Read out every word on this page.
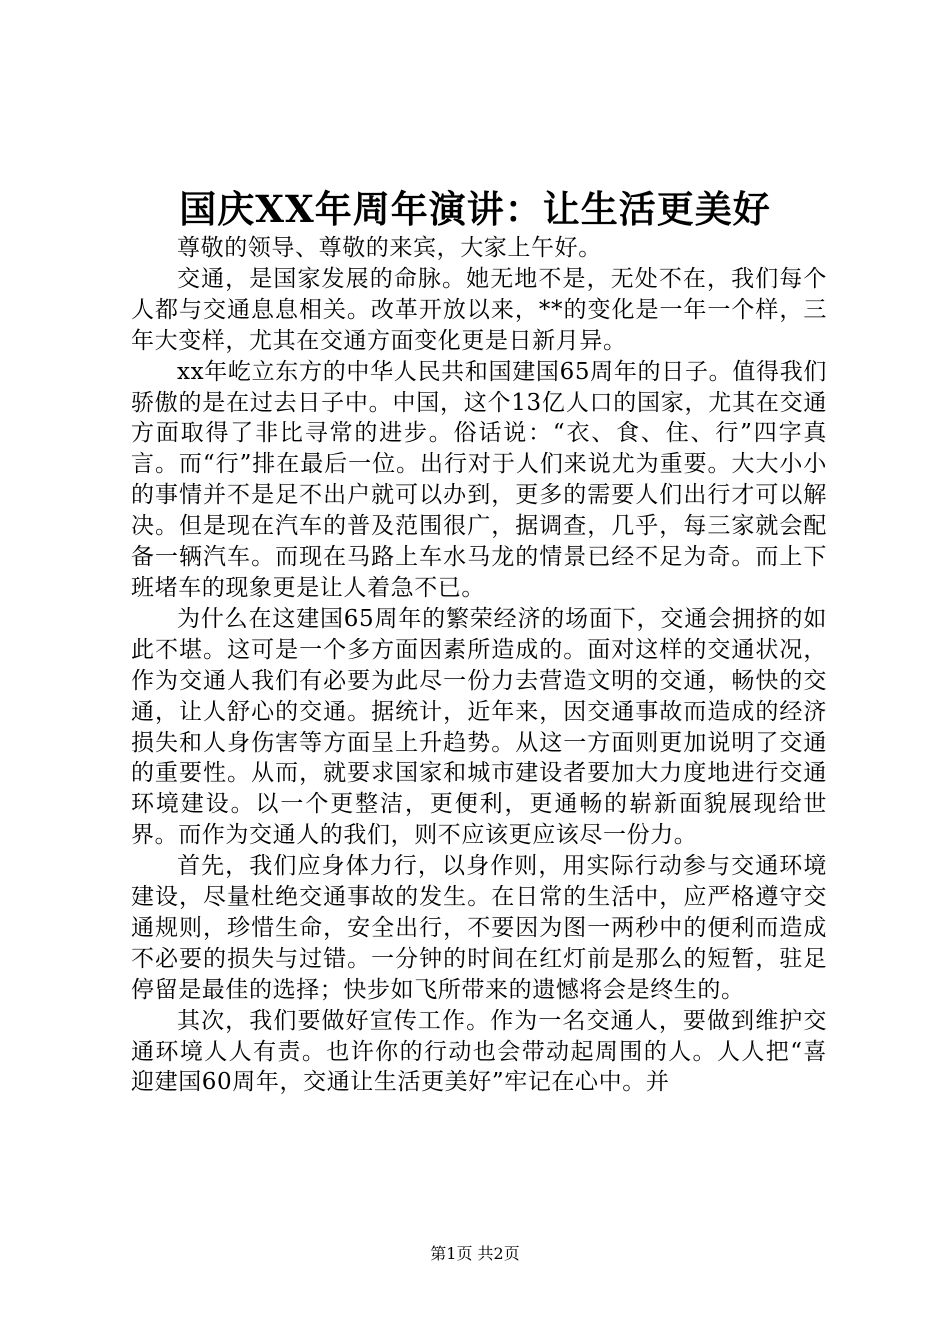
国庆XX年周年演讲：让生活更美好

尊敬的领导、尊敬的来宾，大家上午好。

交通，是国家发展的命脉。她无地不是，无处不在，我们每个人都与交通息息相关。改革开放以来，**的变化是一年一个样，三年大变样，尤其在交通方面变化更是日新月异。

xx年屹立东方的中华人民共和国建国65周年的日子。值得我们骄傲的是在过去日子中。中国，这个13亿人口的国家，尤其在交通方面取得了非比寻常的进步。俗话说：“衣、食、住、行”四字真言。而“行”排在最后一位。出行对于人们来说尤为重要。大大小小的事情并不是足不出户就可以办到，更多的需要人们出行才可以解决。但是现在汽车的普及范围很广，据调查，几乎，每三家就会配备一辆汽车。而现在马路上车水马龙的情景已经不足为奇。而上下班堵车的现象更是让人着急不已。

为什么在这建国65周年的繁荣经济的场面下，交通会拥挤的如此不堪。这可是一个多方面因素所造成的。面对这样的交通状况，作为交通人我们有必要为此尽一份力去营造文明的交通，畅快的交通，让人舒心的交通。据统计，近年来，因交通事故而造成的经济损失和人身伤害等方面呈上升趋势。从这一方面则更加说明了交通的重要性。从而，就要求国家和城市建设者要加大力度地进行交通环境建设。以一个更整洁，更便利，更通畅的崭新面貌展现给世界。而作为交通人的我们，则不应该更应该尽一份力。

首先，我们应身体力行，以身作则，用实际行动参与交通环境建设，尽量杜绝交通事故的发生。在日常的生活中，应严格遵守交通规则，珍惜生命，安全出行，不要因为图一两秒中的便利而造成不必要的损失与过错。一分钟的时间在红灯前是那么的短暂，驻足停留是最佳的选择；快步如飞所带来的遗憾将会是终生的。

其次，我们要做好宣传工作。作为一名交通人，要做到维护交通环境人人有责。也许你的行动也会带动起周围的人。人人把“喜迎建国60周年，交通让生活更美好”牢记在心中。并

第1页 共2页
